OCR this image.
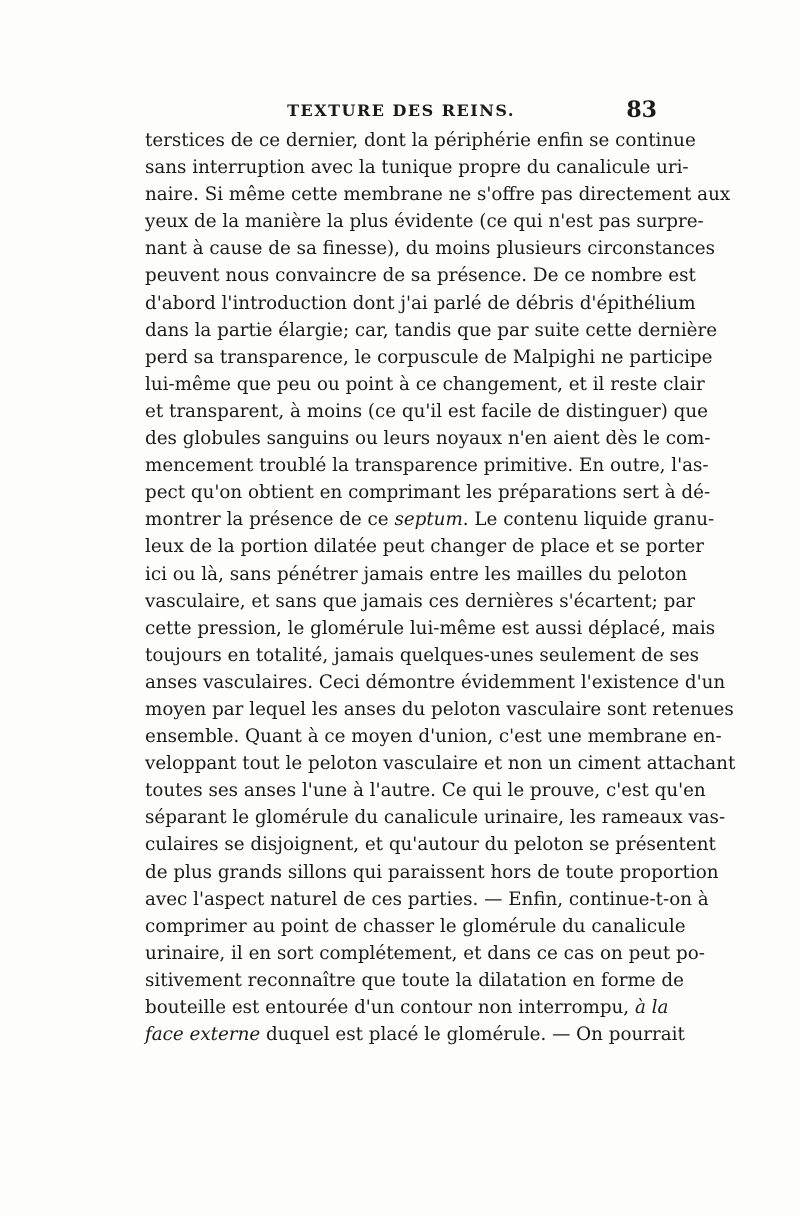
TEXTURE DES REINS.	83
terstices de ce dernier, dont la périphérie enfin se continue
sans interruption avec la tunique propre du canalicule uri-
naire. Si même cette membrane ne s'offre pas directement aux
yeux de la manière la plus évidente (ce qui n'est pas surpre-
nant à cause de sa finesse), du moins plusieurs circonstances
peuvent nous convaincre de sa présence. De ce nombre est
d'abord l'introduction dont j'ai parlé de débris d'épithélium
dans la partie élargie; car, tandis que par suite cette dernière
perd sa transparence, le corpuscule de Malpighi ne participe
lui-même que peu ou point à ce changement, et il reste clair
et transparent, à moins (ce qu'il est facile de distinguer) que
des globules sanguins ou leurs noyaux n'en aient dès le com-
mencement troublé la transparence primitive. En outre, l'as-
pect qu'on obtient en comprimant les préparations sert à dé-
montrer la présence de ce septum. Le contenu liquide granu-
leux de la portion dilatée peut changer de place et se porter
ici ou là, sans pénétrer jamais entre les mailles du peloton
vasculaire, et sans que jamais ces dernières s'écartent; par
cette pression, le glomérule lui-même est aussi déplacé, mais
toujours en totalité, jamais quelques-unes seulement de ses
anses vasculaires. Ceci démontre évidemment l'existence d'un
moyen par lequel les anses du peloton vasculaire sont retenues
ensemble. Quant à ce moyen d'union, c'est une membrane en-
veloppant tout le peloton vasculaire et non un ciment attachant
toutes ses anses l'une à l'autre. Ce qui le prouve, c'est qu'en
séparant le glomérule du canalicule urinaire, les rameaux vas-
culaires se disjoignent, et qu'autour du peloton se présentent
de plus grands sillons qui paraissent hors de toute proportion
avec l'aspect naturel de ces parties. — Enfin, continue-t-on à
comprimer au point de chasser le glomérule du canalicule
urinaire, il en sort complétement, et dans ce cas on peut po-
sitivement reconnaître que toute la dilatation en forme de
bouteille est entourée d'un contour non interrompu, à la
face externe duquel est placé le glomérule. — On pourrait
